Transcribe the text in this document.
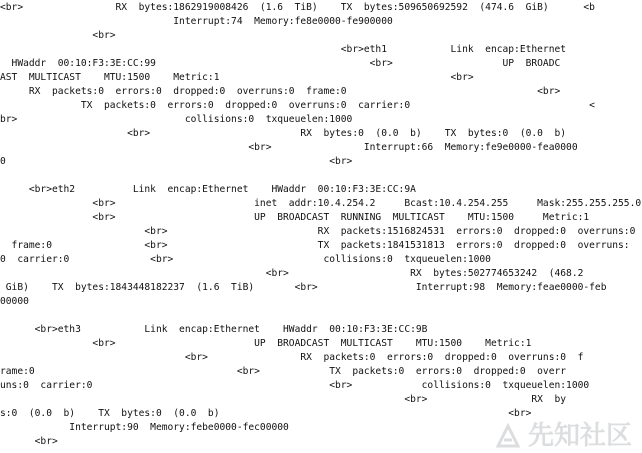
<br>                RX  bytes:1862919008426  (1.6  TiB)    TX  bytes:509650692592  (474.6  GiB)      <b
Interrupt:74  Memory:fe8e0000-fe900000
<br>
<br>eth1           Link  encap:Ethernet
HWaddr  00:10:F3:3E:CC:99                                     <br>                   UP  BROADC
AST  MULTICAST    MTU:1500    Metric:1                                        <br>
RX  packets:0  errors:0  dropped:0  overruns:0  frame:0                                 <br>
TX  packets:0  errors:0  dropped:0  overruns:0  carrier:0                               <
br>                             collisions:0  txqueuelen:1000
<br>                          RX  bytes:0  (0.0  b)    TX  bytes:0  (0.0  b)
<br>                Interrupt:66  Memory:fe9e0000-fea0000
0                                                        <br>
<br>eth2          Link  encap:Ethernet    HWaddr  00:10:F3:3E:CC:9A
<br>                        inet  addr:10.4.254.2     Bcast:10.4.254.255     Mask:255.255.255.0
<br>                        UP  BROADCAST  RUNNING  MULTICAST    MTU:1500     Metric:1
<br>                          RX  packets:1516824531  errors:0  dropped:0  overruns:0
frame:0                <br>                          TX  packets:1841531813  errors:0  dropped:0  overruns:
0  carrier:0              <br>                          collisions:0  txqueuelen:1000
<br>                     RX  bytes:502774653242  (468.2
GiB)    TX  bytes:1843448182237  (1.6  TiB)       <br>                 Interrupt:98  Memory:feae0000-feb
00000
<br>eth3           Link  encap:Ethernet    HWaddr  00:10:F3:3E:CC:9B
<br>                        UP  BROADCAST  MULTICAST    MTU:1500    Metric:1
<br>                RX  packets:0  errors:0  dropped:0  overruns:0  f
rame:0                                   <br>            TX  packets:0  errors:0  dropped:0  overr
uns:0  carrier:0                                         <br>            collisions:0  txqueuelen:1000
<br>                  RX  by
s:0  (0.0  b)    TX  bytes:0  (0.0  b)                                                  <br>
Interrupt:90  Memory:febe0000-fec00000
<br>	先知社区
